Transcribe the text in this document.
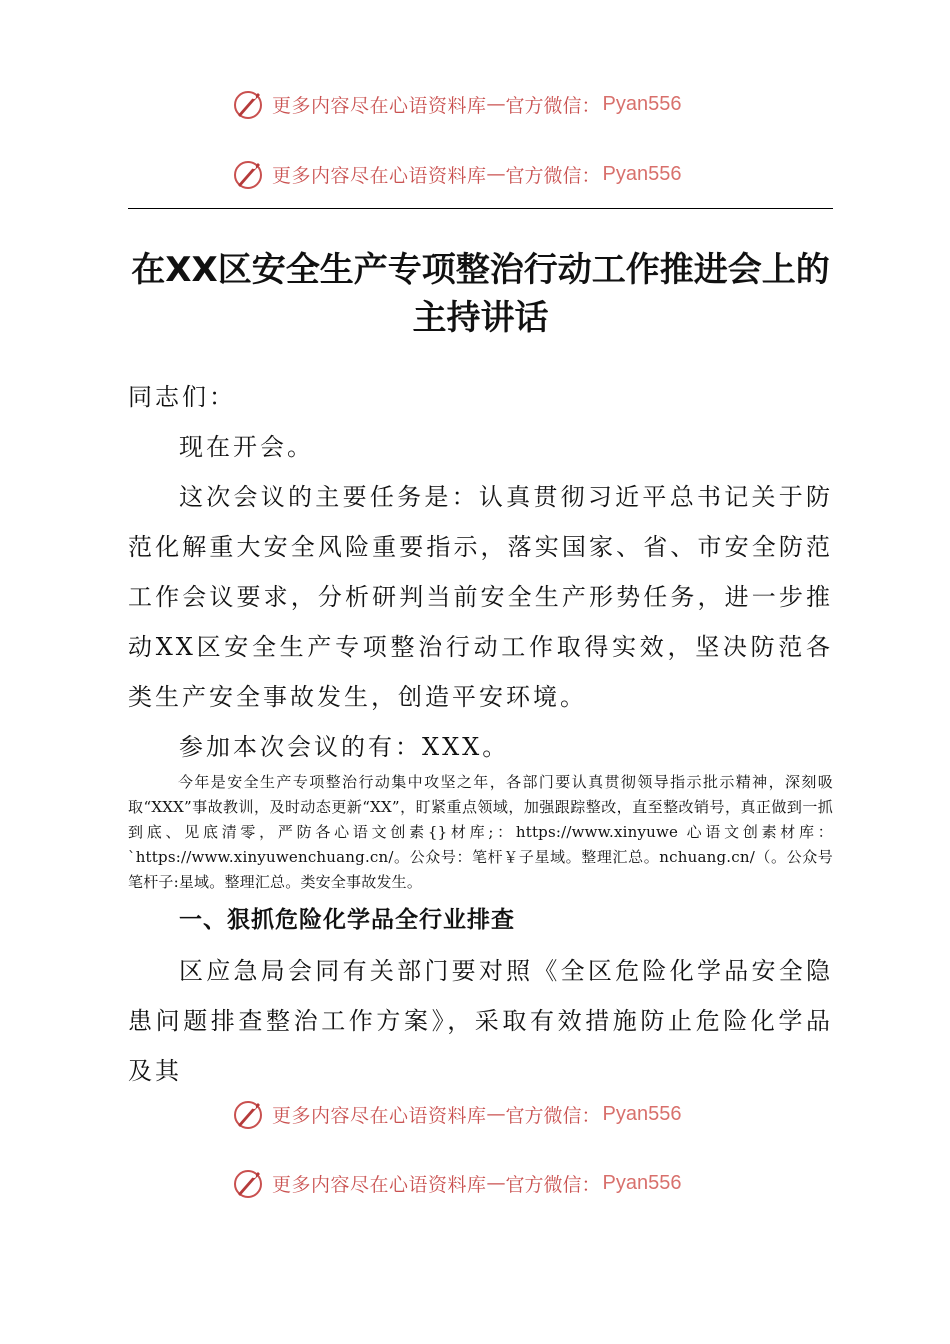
更多内容尽在心语资料库 — 官方微信： Pyan556
更多内容尽在心语资料库 — 官方微信： Pyan556
在XX区安全生产专项整治行动工作推进会上的主持讲话

同志们：

现在开会。

这次会议的主要任务是：认真贯彻习近平总书记关于防范化解重大安全风险重要指示，落实国家、省、市安全防范工作会议要求，分析研判当前安全生产形势任务，进一步推动XX区安全生产专项整治行动工作取得实效，坚决防范各类生产安全事故发生，创造平安环境。

参加本次会议的有：XXX。

今年是安全生产专项整治行动集中攻坚之年，各部门要认真贯彻领导指示批示精神，深刻吸取“XXX”事故教训，及时动态更新“XX”，盯紧重点领域，加强跟踪整改，直至整改销号，真正做到一抓到底、见底清零，严防各心语文创素{}材库;：https://www.xinyuwe 心语文创素材库：`https://www.xinyuwenchuang.cn/。公众号：笔杆￥子星域。整理汇总。nchuang.cn/（。公众号笔杆子:星域。整理汇总。类安全事故发生。

一、狠抓危险化学品全行业排查

区应急局会同有关部门要对照《全区危险化学品安全隐患问题排查整治工作方案》，采取有效措施防止危险化学品及其

更多内容尽在心语资料库 — 官方微信： Pyan556
更多内容尽在心语资料库 — 官方微信： Pyan556
